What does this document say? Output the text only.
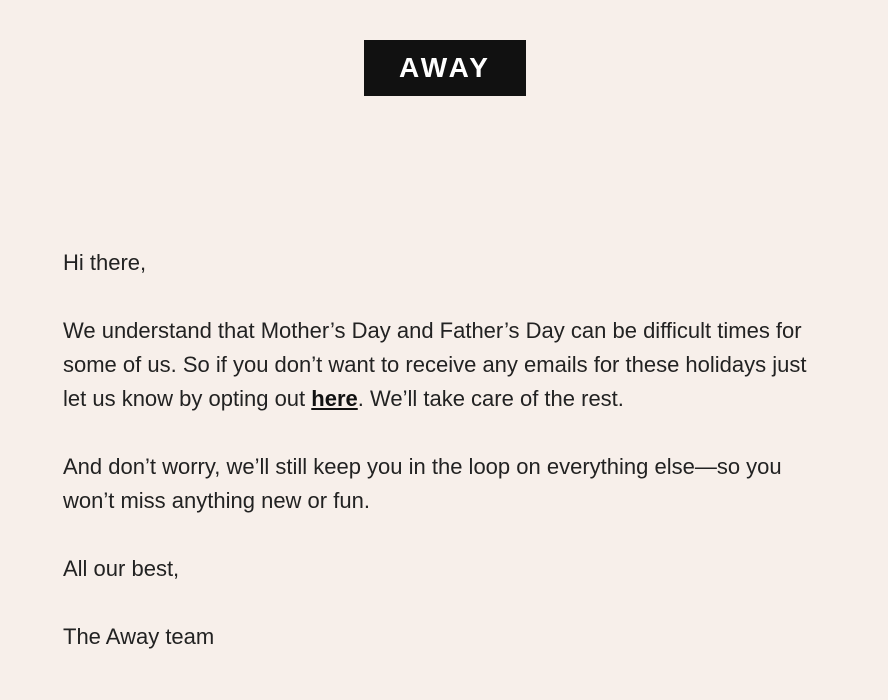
AWAY

Hi there,

We understand that Mother’s Day and Father’s Day can be difficult times for some of us. So if you don’t want to receive any emails for these holidays just let us know by opting out here. We’ll take care of the rest.

And don’t worry, we’ll still keep you in the loop on everything else—so you won’t miss anything new or fun.

All our best,

The Away team
